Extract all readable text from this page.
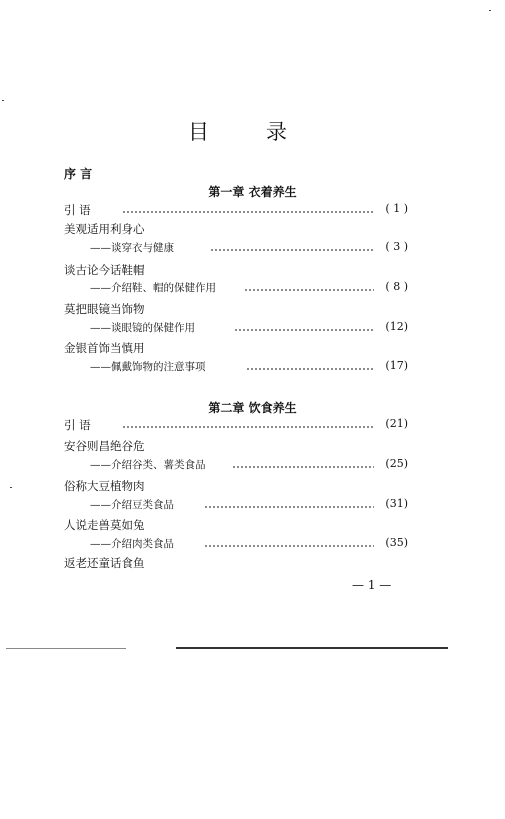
目	录
序 言
第一章 衣着养生
引 语	( 1 )
美观适用利身心
——谈穿衣与健康	( 3 )
谈古论今话鞋帽
——介绍鞋、帽的保健作用	( 8 )
莫把眼镜当饰物
——谈眼镜的保健作用	(12)
金银首饰当慎用
——佩戴饰物的注意事项	(17)
第二章 饮食养生
引 语	(21)
安谷则昌绝谷危
——介绍谷类、薯类食品	(25)
俗称大豆植物肉
——介绍豆类食品	(31)
人说走兽莫如兔
——介绍肉类食品	(35)
返老还童话食鱼
— 1 —
